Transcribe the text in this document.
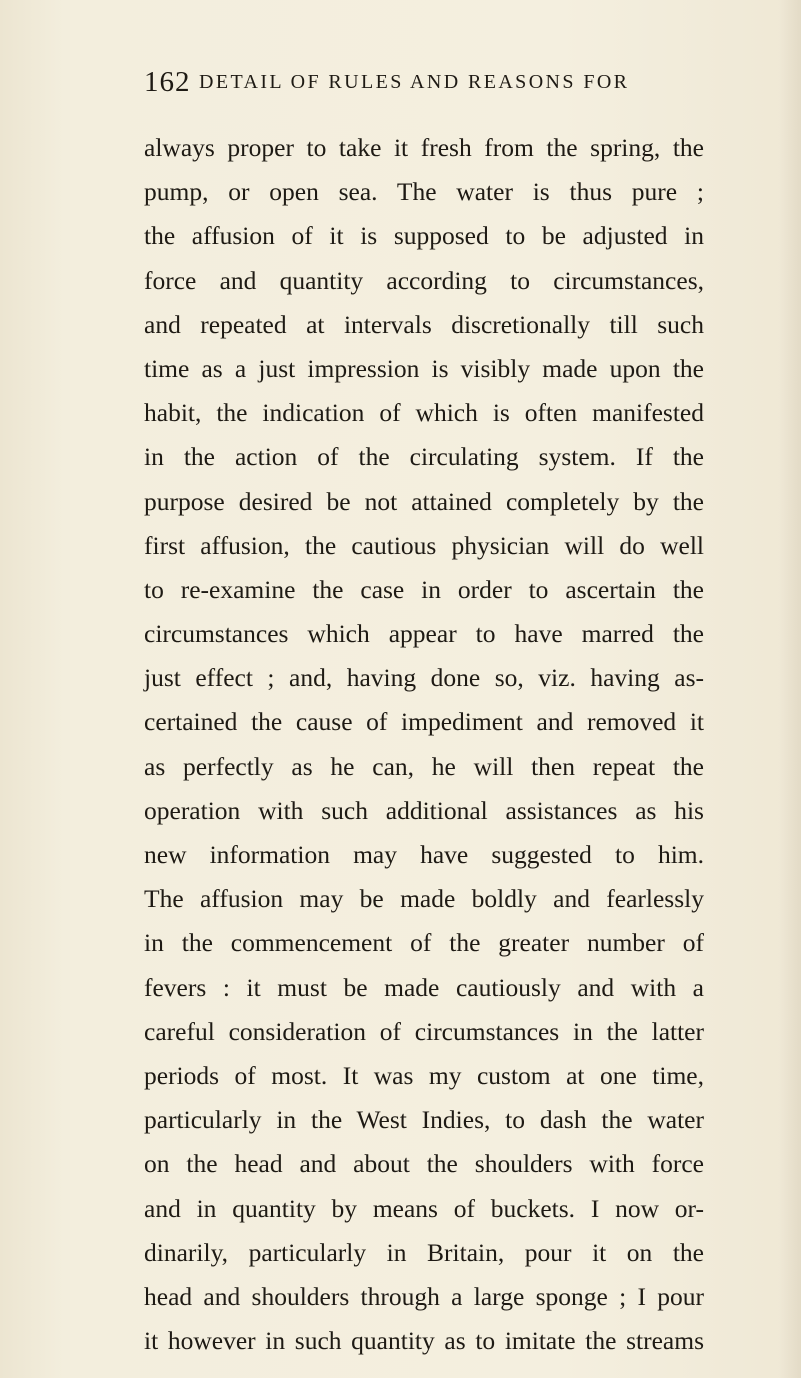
162 DETAIL OF RULES AND REASONS FOR
always proper to take it fresh from the spring, the
pump, or open sea. The water is thus pure ;
the affusion of it is supposed to be adjusted in
force and quantity according to circumstances,
and repeated at intervals discretionally till such
time as a just impression is visibly made upon the
habit, the indication of which is often manifested
in the action of the circulating system. If the
purpose desired be not attained completely by the
first affusion, the cautious physician will do well
to re-examine the case in order to ascertain the
circumstances which appear to have marred the
just effect ; and, having done so, viz. having as-
certained the cause of impediment and removed it
as perfectly as he can, he will then repeat the
operation with such additional assistances as his
new information may have suggested to him.
The affusion may be made boldly and fearlessly
in the commencement of the greater number of
fevers : it must be made cautiously and with a
careful consideration of circumstances in the latter
periods of most. It was my custom at one time,
particularly in the West Indies, to dash the water
on the head and about the shoulders with force
and in quantity by means of buckets. I now or-
dinarily, particularly in Britain, pour it on the
head and shoulders through a large sponge ; I pour
it however in such quantity as to imitate the streams
